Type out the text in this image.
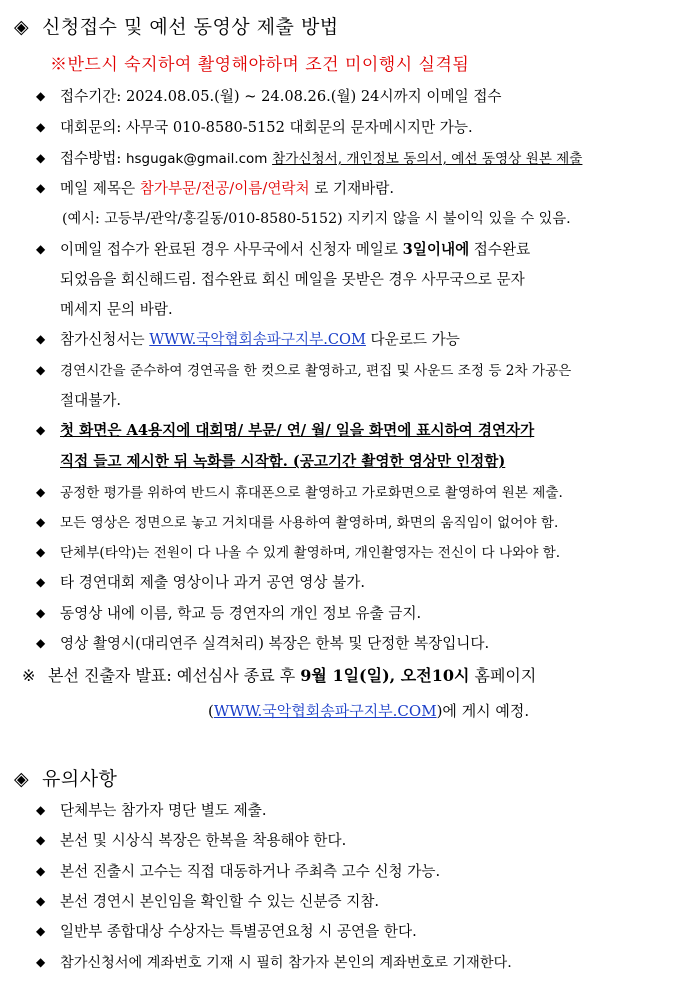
◈ 신청접수 및 예선 동영상 제출 방법
※반드시 숙지하여 촬영해야하며 조건 미이행시 실격됨
◆ 접수기간: 2024.08.05.(월) ~ 24.08.26.(월) 24시까지 이메일 접수
◆ 대회문의: 사무국 010-8580-5152 대회문의 문자메시지만 가능.
◆ 접수방법: hsgugak@gmail.com 참가신청서, 개인정보 동의서, 예선 동영상 원본 제출
◆ 메일 제목은 참가부문/전공/이름/연락처 로 기재바람.
(예시: 고등부/관악/홍길동/010-8580-5152) 지키지 않을 시 불이익 있을 수 있음.
◆ 이메일 접수가 완료된 경우 사무국에서 신청자 메일로 3일이내에 접수완료
되었음을 회신해드림. 접수완료 회신 메일을 못받은 경우 사무국으로 문자
메세지 문의 바람.
◆ 참가신청서는 WWW.국악협회송파구지부.COM 다운로드 가능
◆ 경연시간을 준수하여 경연곡을 한 컷으로 촬영하고, 편집 및 사운드 조정 등 2차 가공은
절대불가.
◆ 첫 화면은 A4용지에 대회명/ 부문/ 연/ 월/ 일을 화면에 표시하여 경연자가
직접 들고 제시한 뒤 녹화를 시작함. (공고기간 촬영한 영상만 인정함)
◆ 공정한 평가를 위하여 반드시 휴대폰으로 촬영하고 가로화면으로 촬영하여 원본 제출.
◆ 모든 영상은 정면으로 놓고 거치대를 사용하여 촬영하며, 화면의 움직임이 없어야 함.
◆ 단체부(타악)는 전원이 다 나올 수 있게 촬영하며, 개인촬영자는 전신이 다 나와야 함.
◆ 타 경연대회 제출 영상이나 과거 공연 영상 불가.
◆ 동영상 내에 이름, 학교 등 경연자의 개인 정보 유출 금지.
◆ 영상 촬영시(대리연주 실격처리) 복장은 한복 및 단정한 복장입니다.
※ 본선 진출자 발표: 예선심사 종료 후 9월 1일(일), 오전10시 홈페이지
(WWW.국악협회송파구지부.COM)에 게시 예정.
◈ 유의사항
◆ 단체부는 참가자 명단 별도 제출.
◆ 본선 및 시상식 복장은 한복을 착용해야 한다.
◆ 본선 진출시 고수는 직접 대동하거나 주최측 고수 신청 가능.
◆ 본선 경연시 본인임을 확인할 수 있는 신분증 지참.
◆ 일반부 종합대상 수상자는 특별공연요청 시 공연을 한다.
◆ 참가신청서에 계좌번호 기재 시 필히 참가자 본인의 계좌번호로 기재한다.
